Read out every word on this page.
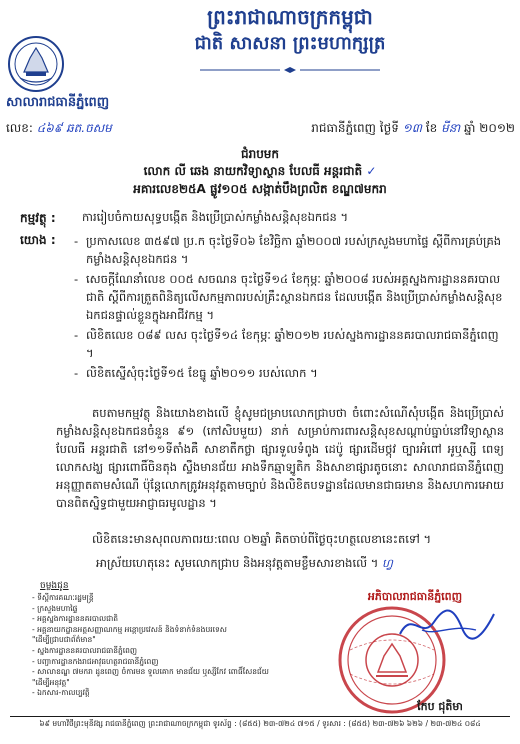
ព្រះរាជាណាចក្រកម្ពុជា
ជាតិ សាសនា ព្រះមហាក្សត្រ
សាលារាជធានីភ្នំពេញ
លេខ: ៤៦៩ ឆត.ចសម	រាជធានីភ្នំពេញ ថ្ងៃទី ១៣ ខែ មីនា ឆ្នាំ ២០១២
ជំរាបមក
លោក លី ឆេង នាយកវិទ្យាស្ថាន បែលធី អន្តរជាតិ ✓
អគារលេខ២៥A ផ្លូវ១០៥ សង្កាត់បឹងព្រលិត ខណ្ឌ៧មករា
កម្មវត្ថុ : ការរៀបចំកាយសុទ្ធបង្កើត និងប្រើប្រាស់កម្លាំងសន្តិសុខឯកជន ។
យោង :
-	ប្រកាសលេខ ៣៥៩៧ ប្រ.ក ចុះថ្ងៃទី០៦ ខែវិច្ឆិកា ឆ្នាំ២០០៧ របស់ក្រសួងមហាផ្ទៃ ស្តីពីការគ្រប់គ្រងកម្លាំងសន្តិសុខឯកជន ។
- សេចក្តីណែនាំលេខ ០០៥ សចណន ចុះថ្ងៃទី១៤ ខែកុម្ភៈ ឆ្នាំ២០០៨ របស់អគ្គស្នងការដ្ឋាននគរបាលជាតិ ស្តីពីការត្រួតពិនិត្យលើសកម្មភាពរបស់គ្រឹះស្ថានឯកជន ដែលបង្កើត និងប្រើប្រាស់កម្លាំងសន្តិសុខឯកជនផ្ទាល់ខ្លួនក្នុងអាជីវកម្ម ។
- លិខិតលេខ ០៨៩ លស ចុះថ្ងៃទី១៤ ខែកុម្ភៈ ឆ្នាំ២០១២ របស់ស្នងការដ្ឋាននគរបាលរាជធានីភ្នំពេញ ។
- លិខិតស្នើសុំចុះថ្ងៃទី១៥ ខែធ្នូ ឆ្នាំ២០១១ របស់លោក ។
តបតាមកម្មវត្ថុ និងយោងខាងលើ ខ្ញុំសូមជម្រាបលោកជ្រាបថា ចំពោះសំណើសុំបង្កើត និងប្រើប្រាស់កម្លាំងសន្តិសុខឯកជនចំនួន ៩១ (កៅសិបមួយ) នាក់ សម្រាប់ការពារសន្តិសុខសណ្តាប់ធ្នាប់នៅវិទ្យាស្ថាន បែលធី អន្តរជាតិ នៅ១១ទីតាំងគឺ សាខាតឹកថ្លា ផ្សារទួលទំពូង ដេប៉ូ ផ្សារដើមថ្កុវ ច្បារអំពៅ អូឬស្សី ពេទ្យលោកសង្ឃ ផ្សារពោធិ៍ចិនតុង ស្ទឹងមានជ័យ អាងទឹកឆ្មាទ្បូតិក និងសាខាផ្សារតូចនោះ សាលារាជធានីភ្នំពេញអនុញ្ញាតតាមសំណើ ប៉ុន្តែលោកត្រូវអនុវត្តតាមច្បាប់ និងលិខិតបទដ្ឋានដែលមានជាធរមាន និងសហការអោយបានពិតស្និទ្ធជាមួយអាជ្ញាធរមូលដ្ឋាន ។
លិខិតនេះមានសុពលភាពរយ:ពេល ០២ឆ្នាំ គិតចាប់ពីថ្ងៃចុះហត្ថលេខានេះតទៅ ។
អាស្រ័យហេតុនេះ សូមលោកជ្រាប និងអនុវត្តតាមខ្លឹមសារខាងលើ ។ ហ្វ
ចម្លងជូន
- ទីស្តីការគណៈរដ្ឋមន្ត្រី
- ក្រសួងមហាផ្ទៃ
- អគ្គស្នងការដ្ឋាននគរបាលជាតិ
- អគ្គនាយកដ្ឋានអត្តសញ្ញាណកម្ម អន្តោប្រវេសន៍ និងទំនាក់ទំនងបរទេស
"ដើម្បីជ្រាបជាព័ត៌មាន"
- ស្នងការដ្ឋាននគរបាលរាជធានីភ្នំពេញ
- បញ្ជាការដ្ឋានកងរាជអាវុធហត្ថរាជធានីភ្នំពេញ
- សាលាខណ្ឌ ៧មករា ដូនពេញ ចំការមន ទួលគោក មានជ័យ ឬស្សីកែវ ពោធិ៍សែនជ័យ
"ដើម្បីអនុវត្ត"
- ឯកសារ-កាលប្បវត្តិ
អភិបាលរាជធានីភ្នំពេញ
កែប ជុតិមា
៦៩ មហាវិថីព្រះមុនីវង្ស រាជធានីភ្នំពេញ ព្រះរាជាណាចក្រកម្ពុជា ទូរស័ព្ទ : (៨៥៥) ២៣-៧២៤ ៧១៥ / ទូរសារ : (៨៥៥) ២៣-៧២៦ ៦២៦ / ២៣-៧២៤ ០៨៤
